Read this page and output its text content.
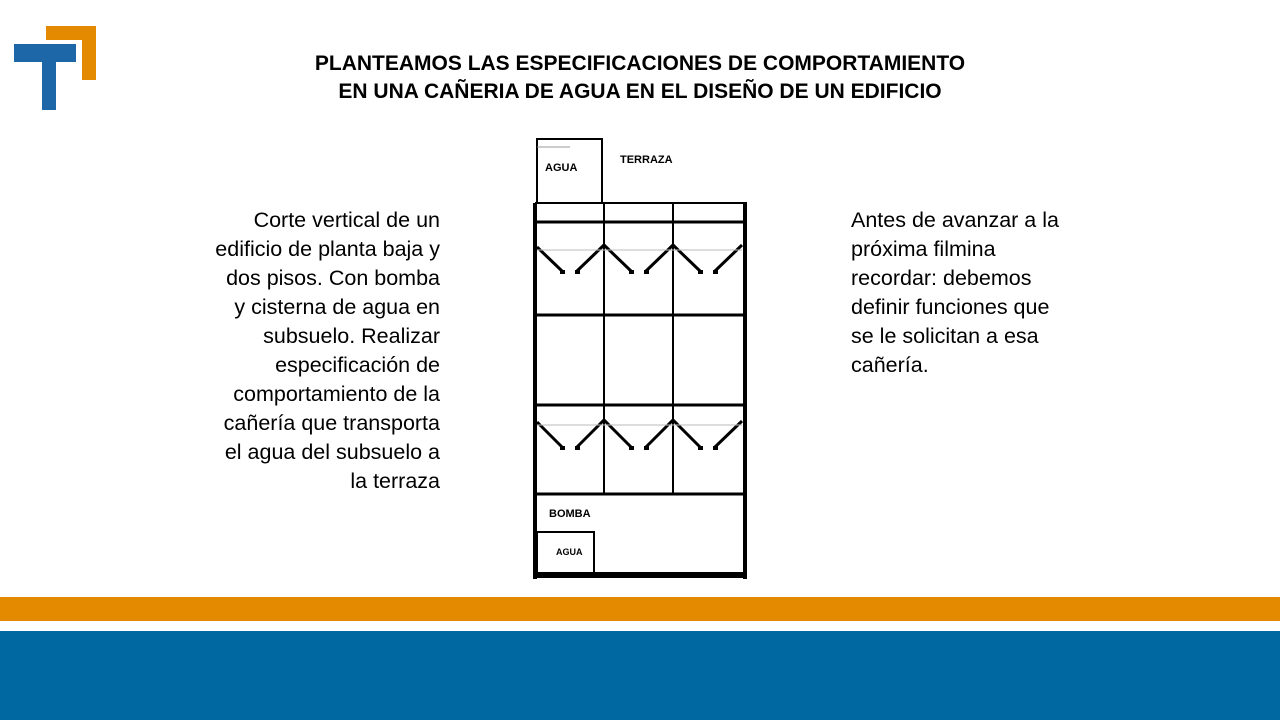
PLANTEAMOS LAS ESPECIFICACIONES DE COMPORTAMIENTO
EN UNA CAÑERIA DE AGUA EN EL DISEÑO DE UN EDIFICIO
Corte vertical de un
edificio de planta baja y
dos pisos. Con bomba
y cisterna de agua en
subsuelo. Realizar
especificación de
comportamiento de la
cañería que transporta
el agua del subsuelo a
la terraza
Antes de avanzar a la
próxima filmina
recordar: debemos
definir funciones que
se le solicitan a esa
cañería.
AGUA
TERRAZA
BOMBA
AGUA
